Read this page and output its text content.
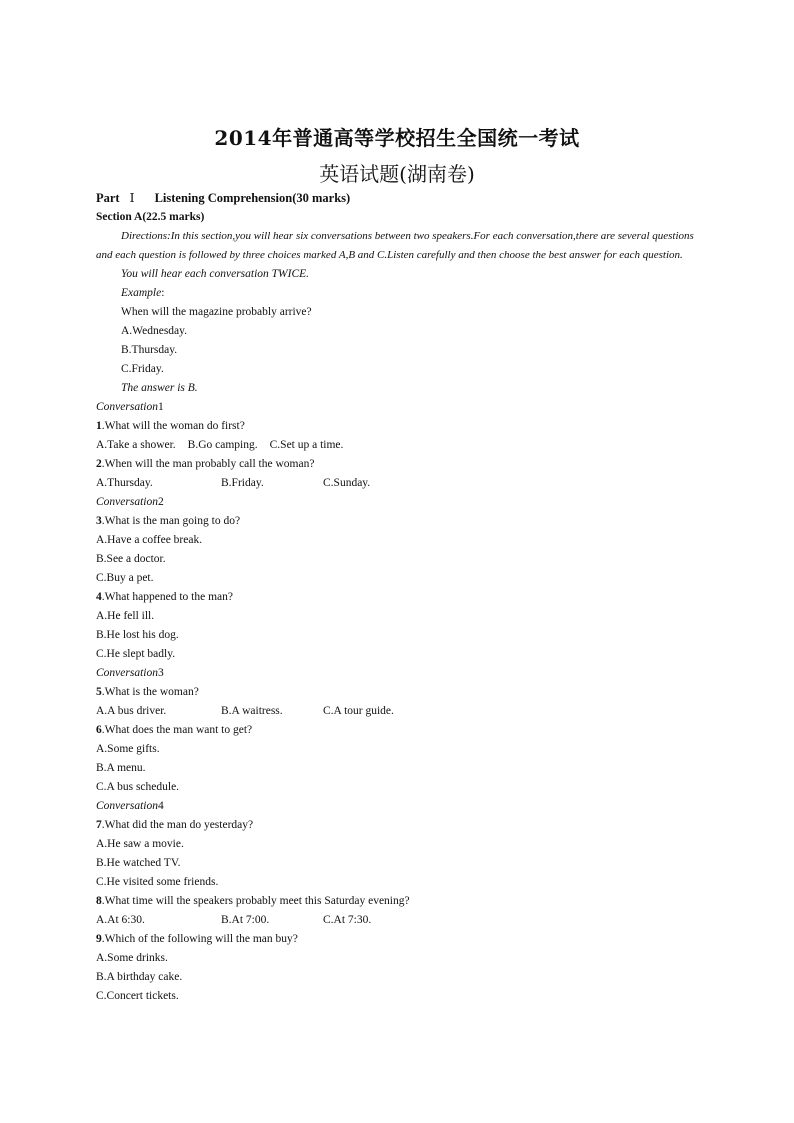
2014年普通高等学校招生全国统一考试
英语试题(湖南卷)
Part Ⅰ Listening Comprehension(30 marks)
Section A(22.5 marks)
Directions:In this section,you will hear six conversations between two speakers.For each conversation,there are several questions and each question is followed by three choices marked A,B and C.Listen carefully and then choose the best answer for each question.
You will hear each conversation TWICE.
Example:
When will the magazine probably arrive?
A.Wednesday.
B.Thursday.
C.Friday.
The answer is B.
Conversation1
1.What will the woman do first?
A.Take a shower. B.Go camping. C.Set up a time.
2.When will the man probably call the woman?
A.Thursday.	B.Friday.	C.Sunday.
Conversation2
3.What is the man going to do?
A.Have a coffee break.
B.See a doctor.
C.Buy a pet.
4.What happened to the man?
A.He fell ill.
B.He lost his dog.
C.He slept badly.
Conversation3
5.What is the woman?
A.A bus driver.	B.A waitress.	C.A tour guide.
6.What does the man want to get?
A.Some gifts.
B.A menu.
C.A bus schedule.
Conversation4
7.What did the man do yesterday?
A.He saw a movie.
B.He watched TV.
C.He visited some friends.
8.What time will the speakers probably meet this Saturday evening?
A.At 6:30.	B.At 7:00.	C.At 7:30.
9.Which of the following will the man buy?
A.Some drinks.
B.A birthday cake.
C.Concert tickets.
